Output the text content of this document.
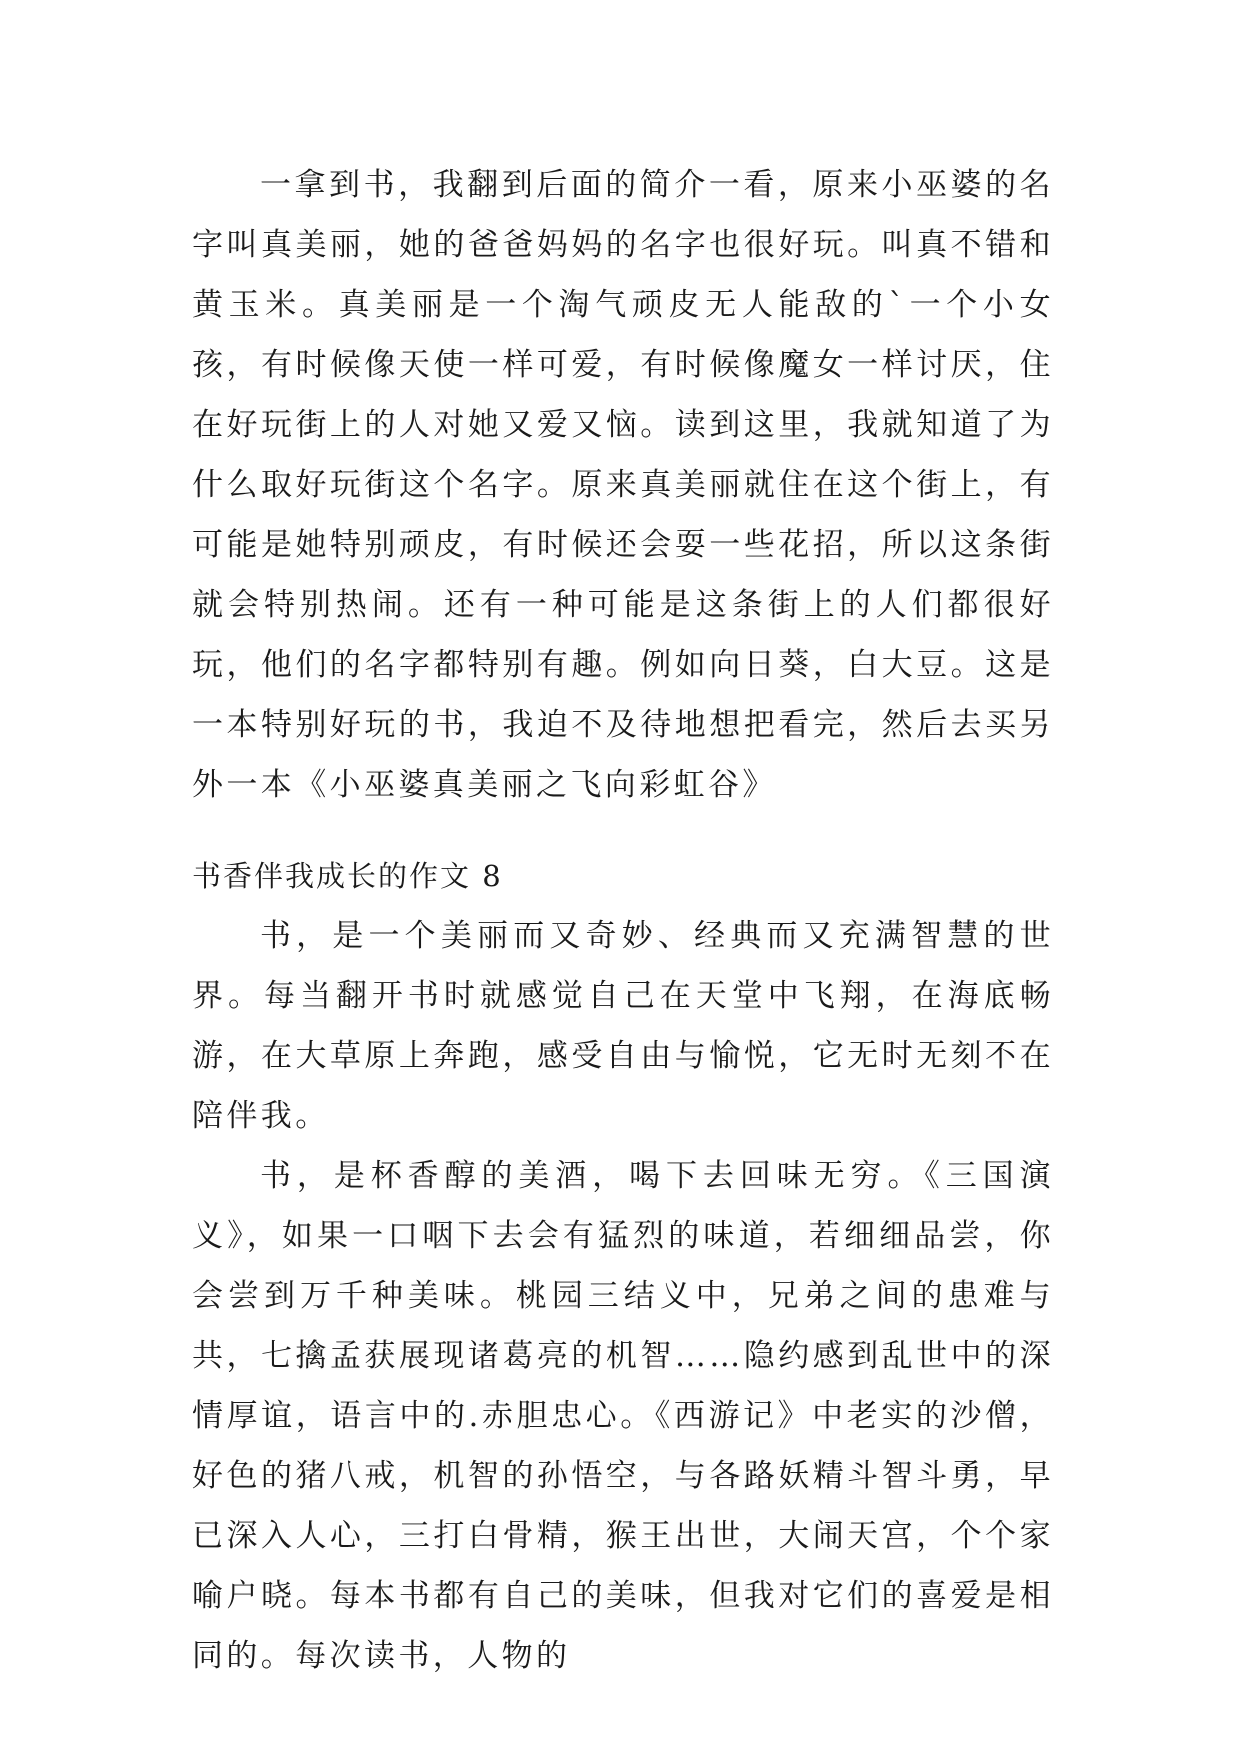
一拿到书，我翻到后面的简介一看，原来小巫婆的名字叫真美丽，她的爸爸妈妈的名字也很好玩。叫真不错和黄玉米。真美丽是一个淘气顽皮无人能敌的`一个小女孩，有时候像天使一样可爱，有时候像魔女一样讨厌，住在好玩街上的人对她又爱又恼。读到这里，我就知道了为什么取好玩街这个名字。原来真美丽就住在这个街上，有可能是她特别顽皮，有时候还会耍一些花招，所以这条街就会特别热闹。还有一种可能是这条街上的人们都很好玩，他们的名字都特别有趣。例如向日葵，白大豆。这是一本特别好玩的书，我迫不及待地想把看完，然后去买另外一本《小巫婆真美丽之飞向彩虹谷》

书香伴我成长的作文 8

书，是一个美丽而又奇妙、经典而又充满智慧的世界。每当翻开书时就感觉自己在天堂中飞翔，在海底畅游，在大草原上奔跑，感受自由与愉悦，它无时无刻不在陪伴我。

书，是杯香醇的美酒，喝下去回味无穷。《三国演义》，如果一口咽下去会有猛烈的味道，若细细品尝，你会尝到万千种美味。桃园三结义中，兄弟之间的患难与共，七擒孟获展现诸葛亮的机智……隐约感到乱世中的深情厚谊，语言中的.赤胆忠心。《西游记》中老实的沙僧，好色的猪八戒，机智的孙悟空，与各路妖精斗智斗勇，早已深入人心，三打白骨精，猴王出世，大闹天宫，个个家喻户晓。每本书都有自己的美味，但我对它们的喜爱是相同的。每次读书，人物的
